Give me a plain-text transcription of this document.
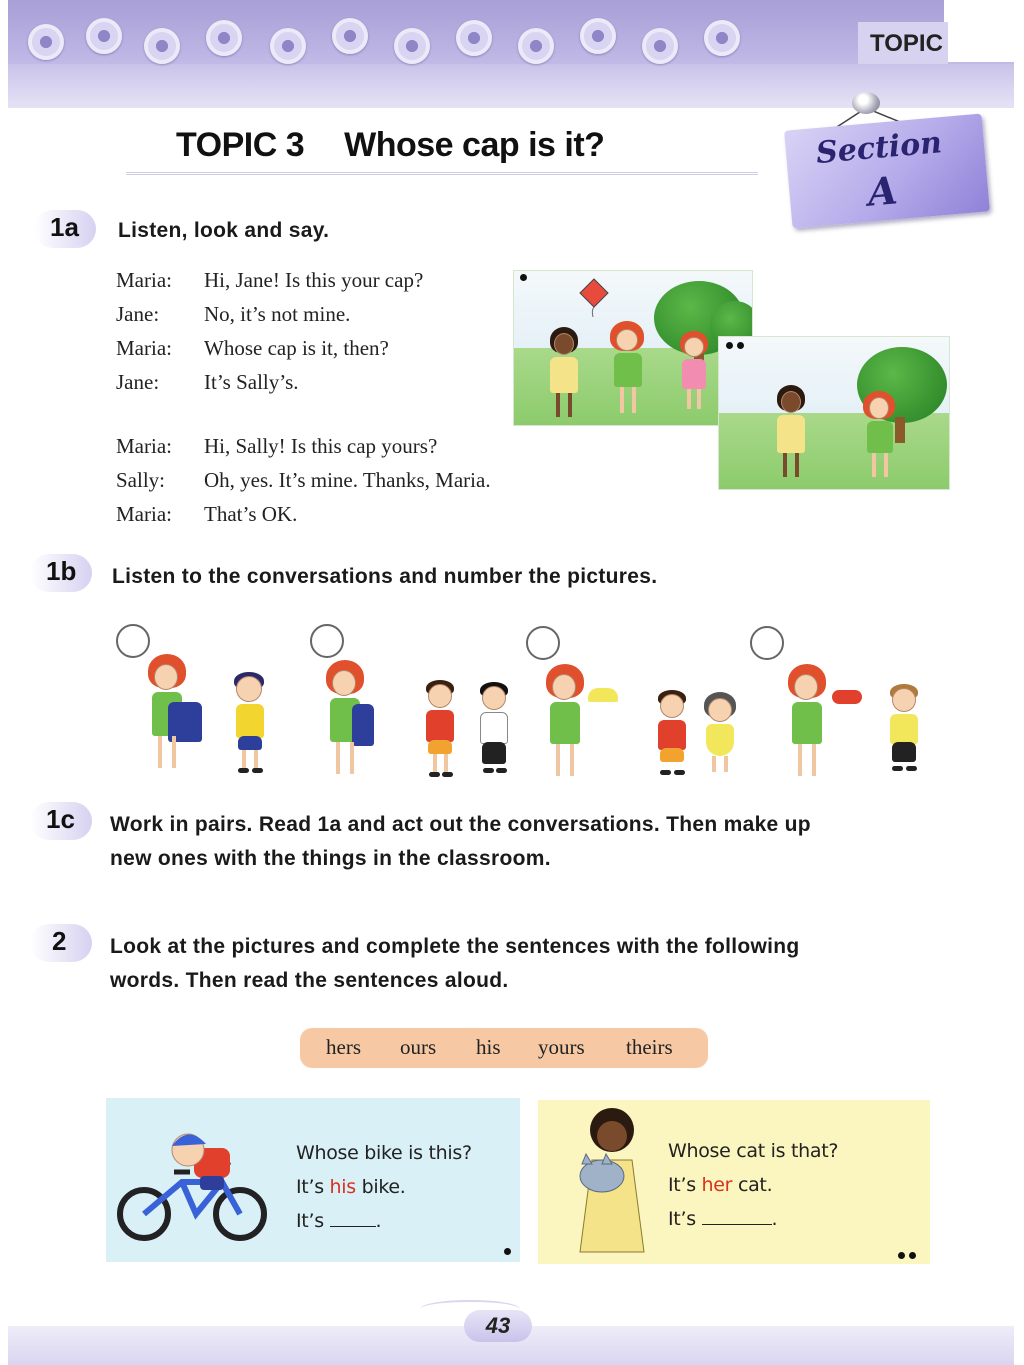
TOPIC
TOPIC 3 Whose cap is it?	Section
A
1a	Listen, look and say.
Maria: Hi, Jane! Is this your cap?
Jane: No, it’s not mine.
Maria: Whose cap is it, then?
Jane: It’s Sally’s.
Maria: Hi, Sally! Is this cap yours?
Sally: Oh, yes. It’s mine. Thanks, Maria.
Maria: That’s OK.
1b	Listen to the conversations and number the pictures.
1c	Work in pairs. Read 1a and act out the conversations. Then make up
new ones with the things in the classroom.
2	Look at the pictures and complete the sentences with the following
words. Then read the sentences aloud.
hers ours his yours theirs
Whose bike is this?
It’s his bike.
It’s .
Whose cat is that?
It’s her cat.
It’s	.
43
